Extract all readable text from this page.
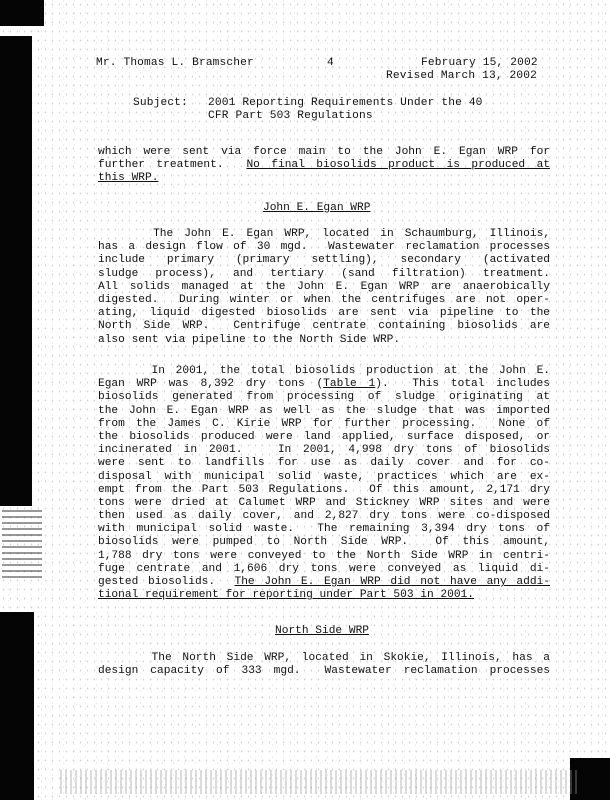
Mr. Thomas L. Bramscher	4	February 15, 2002
Revised March 13, 2002
Subject: 2001 Reporting Requirements Under the 40
CFR Part 503 Regulations
which were sent via force main to the John E. Egan WRP for
further treatment.  No final biosolids product is produced at
this WRP.
John E. Egan WRP
The John E. Egan WRP, located in Schaumburg, Illinois,
has a design flow of 30 mgd.  Wastewater reclamation processes
include primary (primary settling), secondary (activated
sludge process), and tertiary (sand filtration) treatment.
All solids managed at the John E. Egan WRP are anaerobically
digested.  During winter or when the centrifuges are not oper-
ating, liquid digested biosolids are sent via pipeline to the
North Side WRP.  Centrifuge centrate containing biosolids are
also sent via pipeline to the North Side WRP.
In 2001, the total biosolids production at the John E.
Egan WRP was 8,392 dry tons (Table 1).  This total includes
biosolids generated from processing of sludge originating at
the John E. Egan WRP as well as the sludge that was imported
from the James C. Kirie WRP for further processing.  None of
the biosolids produced were land applied, surface disposed, or
incinerated in 2001.   In 2001, 4,998 dry tons of biosolids
were sent to landfills for use as daily cover and for co-
disposal with municipal solid waste, practices which are ex-
empt from the Part 503 Regulations.  Of this amount, 2,171 dry
tons were dried at Calumet WRP and Stickney WRP sites and were
then used as daily cover, and 2,827 dry tons were co-disposed
with municipal solid waste.  The remaining 3,394 dry tons of
biosolids were pumped to North Side WRP.  Of this amount,
1,788 dry tons were conveyed to the North Side WRP in centri-
fuge centrate and 1,606 dry tons were conveyed as liquid di-
gested biosolids.  The John E. Egan WRP did not have any addi-
tional requirement for reporting under Part 503 in 2001.
North Side WRP
The North Side WRP, located in Skokie, Illinois, has a
design capacity of 333 mgd.  Wastewater reclamation processes
